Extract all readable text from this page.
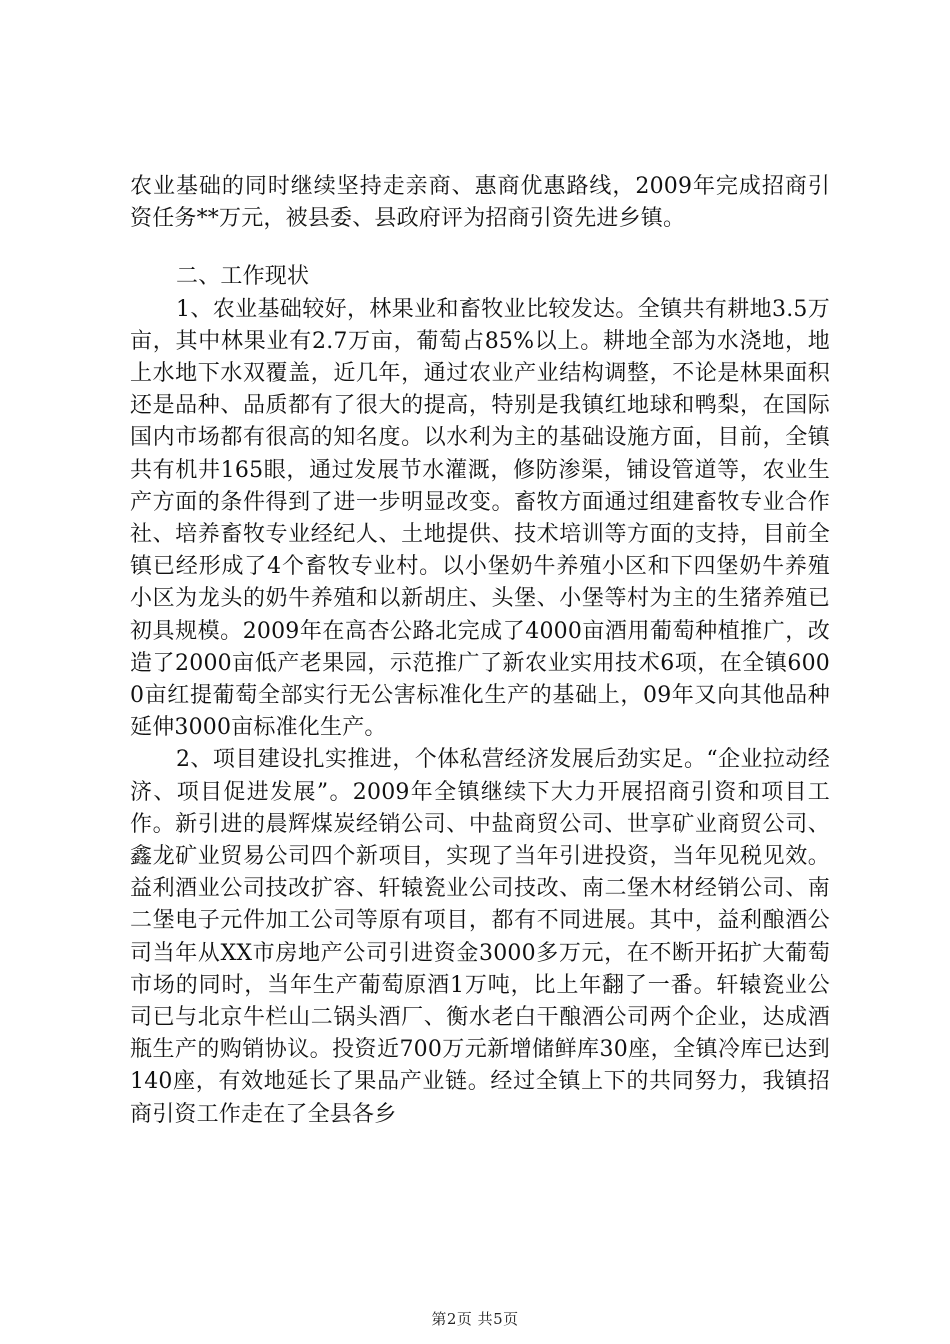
农业基础的同时继续坚持走亲商、惠商优惠路线，2009年完成招商引资任务**万元，被县委、县政府评为招商引资先进乡镇。

二、工作现状

1、农业基础较好，林果业和畜牧业比较发达。全镇共有耕地3.5万亩，其中林果业有2.7万亩，葡萄占85%以上。耕地全部为水浇地，地上水地下水双覆盖，近几年，通过农业产业结构调整，不论是林果面积还是品种、品质都有了很大的提高，特别是我镇红地球和鸭梨，在国际国内市场都有很高的知名度。以水利为主的基础设施方面，目前，全镇共有机井165眼，通过发展节水灌溉，修防渗渠，铺设管道等，农业生产方面的条件得到了进一步明显改变。畜牧方面通过组建畜牧专业合作社、培养畜牧专业经纪人、土地提供、技术培训等方面的支持，目前全镇已经形成了4个畜牧专业村。以小堡奶牛养殖小区和下四堡奶牛养殖小区为龙头的奶牛养殖和以新胡庄、头堡、小堡等村为主的生猪养殖已初具规模。2009年在高杏公路北完成了4000亩酒用葡萄种植推广，改造了2000亩低产老果园，示范推广了新农业实用技术6项，在全镇6000亩红提葡萄全部实行无公害标准化生产的基础上，09年又向其他品种延伸3000亩标准化生产。

2、项目建设扎实推进，个体私营经济发展后劲实足。“企业拉动经济、项目促进发展”。2009年全镇继续下大力开展招商引资和项目工作。新引进的晨辉煤炭经销公司、中盐商贸公司、世享矿业商贸公司、鑫龙矿业贸易公司四个新项目，实现了当年引进投资，当年见税见效。益利酒业公司技改扩容、轩辕瓷业公司技改、南二堡木材经销公司、南二堡电子元件加工公司等原有项目，都有不同进展。其中，益利酿酒公司当年从XX市房地产公司引进资金3000多万元，在不断开拓扩大葡萄市场的同时，当年生产葡萄原酒1万吨，比上年翻了一番。轩辕瓷业公司已与北京牛栏山二锅头酒厂、衡水老白干酿酒公司两个企业，达成酒瓶生产的购销协议。投资近700万元新增储鲜库30座，全镇冷库已达到140座，有效地延长了果品产业链。经过全镇上下的共同努力，我镇招商引资工作走在了全县各乡

第2页 共5页
